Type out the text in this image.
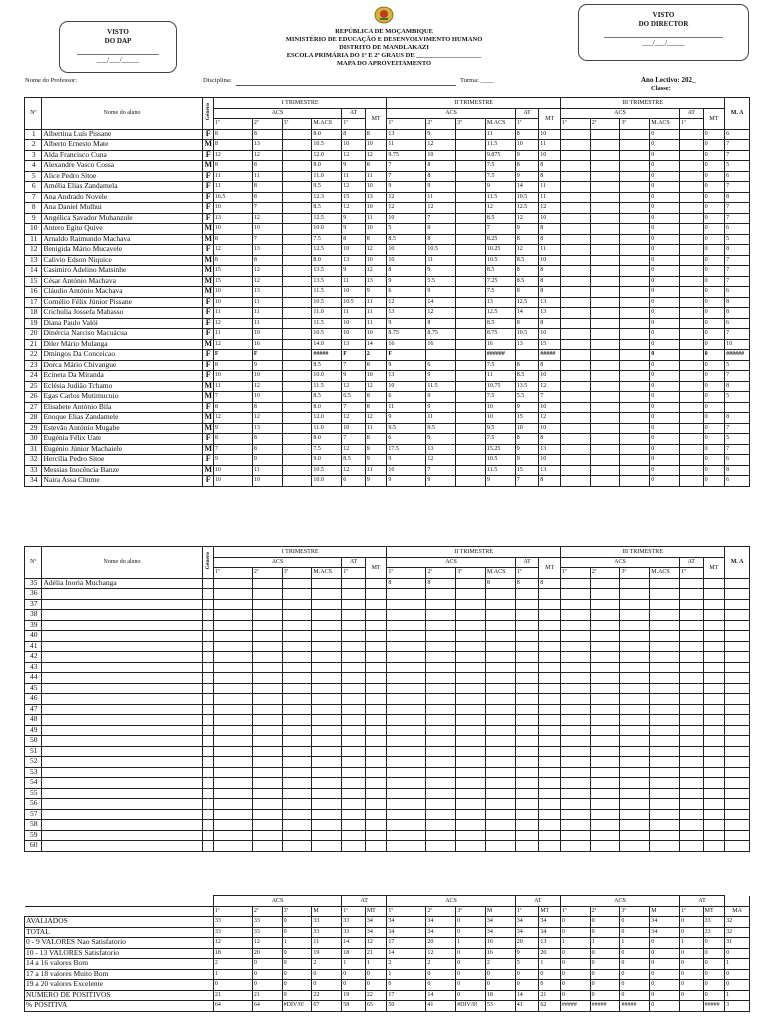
VISTO
DO DAP
___/___/_____
VISTO
DO DIRECTOR
___/___/_____
REPÚBLICA DE MOÇAMBIQUE
MINISTÉRIO DE EDUCAÇÃO E DESENVOLVIMENTO HUMANO
DISTRITO DE MANDLAKAZI
ESCOLA PRIMÁRIA DO 1º E 2º GRAUS DE ____________________
MAPA DO APROVEITAMENTO
Nome do Professor:	Disciplina:	Turma: ____	Ano Lectivo: 202_
Classe:
Nº	Nome do aluno	Género	I TRIMESTRE						II TRIMESTRE						III TRIMESTRE						M. A
			ACS				AT	MT	ACS				AT	MT	ACS				AT	MT	
			1ª	2ª	3ª	M.ACS	1ª		1ª	2ª	3ª	M.ACS	1ª		1ª	2ª	3ª	M.ACS	1ª		
1	Albertina Luís Pissane	F	8	8		8.0	8	8	13	9		11	8	10				0		0	6
2	Alberto Ernesto Mate	M	8	13		10.5	10	10	11	12		11.5	10	11				0		0	7
3	Alda Francisco Cuna	F	12	12		12.0	12	12	9.75	10		9.875	9	10				0		0	7
4	Alexandre Vasco Cossa	M	8	8		8.0	9	8	7	8		7.5	8	8				0		0	5
5	Alice Pedro Sitoe	F	11	11		11.0	11	11	7	8		7.5	9	8				0		0	6
6	Amélia Elias Zandamela	F	11	8		9.5	12	10	9	9		9	14	11				0		0	7
7	Ana Andrado Novele	F	16.5	8		12.3	15	13	12	11		11.5	10.5	11				0		0	8
8	Ana Daniel Mulhui	F	10	7		8.5	12	10	12	12		12	12.5	12				0		0	7
9	Angélica Savador Muhanzule	F	13	12		12.5	9	11	10	7		8.5	12	10				0		0	7
10	Antero Egito Quive	M	10	10		10.0	9	10	5	9		7	9	8				0		0	6
11	Arnaldo Raimundo Machava	M	8	7		7.5	8	8	8.5	8		8.25	8	8				0		0	5
12	Benigida Mário Mucavele	F	12	13		12.5	10	12	10	10.5		10.25	12	11				0		0	8
13	Calivio Edson Niquice	M	8	8		8.0	13	10	10	11		10.5	8.5	10				0		0	7
14	Casimiro Adelino Matsinhe	M	15	12		13.5	9	12	8	9		8.5	8	8				0		0	7
15	César António Machava	M	15	12		13.5	11	13	9	5.5		7.25	8.5	8				0		0	7
16	Cláudio António Machava	M	10	13		11.5	10	9	6	9		7.5	8	8				0		0	6
17	Cornélio Félix Júnior Pissane	F	10	11		10.5	10.5	11	12	14		13	12.5	13				0		0	8
18	Crichulia Jossefa Mabasso	F	11	11		11.0	11	11	13	12		12.5	14	13				0		0	8
19	Diana Paulo Valói	F	12	11		11.5	10	11	9	8		8.5	8	8				0		0	6
20	Dinércia Narciso Macuácua	F	11	10		10.5	10	10	8.75	8.75		8.75	10.5	10				0		0	7
21	Diler Mário Mulanga	M	12	16		14.0	13	14	16	16		16	13	15				0		0	10
22	Dmingos Da Conceicao	F	F	F		#####	F	2	F			######		#####				0		0	######
23	Dorca Mário Chivangue	F	8	9		8.5	7	8	9	6		7.5	8	8				0		0	5
24	Ecineta Da Miranda	F	10	10		10.0	9	10	13	9		11	8.5	10				0		0	7
25	Eclésia Judião Tchamo	M	11	12		11.5	12	12	10	11.5		10.75	13.5	12				0		0	8
26	Egas Carlos Mutimucuio	M	7	10		8.5	6.5	8	6	9		7.5	5.5	7				0		0	5
27	Elisabete António Bila	F	8	8		8.0	7	8	11	9		10	9	10				0		0	
28	Enoque Elias Zandamele	M	12	12		12.0	12	12	9	11		10	15	12				0		0	8
29	Estevão António Mugabe	M	9	13		11.0	10	11	9.5	9.5		9.5	10	10				0		0	7
30	Eugénia Félix Uate	F	8	8		8.0	7	8	6	9		7.5	8	8				0		0	5
31	Eugénio Júnior Machaiele	M	7	8		7.5	12	9	17.5	13		15.25	9	13				0		0	7
32	Hercília Pedro Sitoe	F	9	9		9.0	8.5	9	9	12		10.5	9	10				0		0	6
33	Messias Inocência Banze	M	10	11		10.5	12	11	16	7		11.5	15	13				0		0	8
34	Naira Assa Chume	F	10	10		10.0	6	9	9	9		9	7	8				0		0	6
Nº	Nome do aluno	Género	I TRIMESTRE						II TRIMESTRE						III TRIMESTRE						M. A
			ACS				AT	MT	ACS				AT	MT	ACS				AT	MT	
			1ª	2ª	3ª	M.ACS	1ª		1ª	2ª	3ª	M.ACS	1ª		1ª	2ª	3ª	M.ACS	1ª		
35	Adélia Inoria Muchanga								8	8		8	8	8							
36																					
37																					
38																					
39																					
40																					
41																					
42																					
43																					
44																					
45																					
46																					
47																					
48																					
49																					
50																					
51																					
52																					
53																					
54																					
55																					
56																					
57																					
58																					
59																					
60																					
	ACS				AT		ACS				AT		ACS				AT		
	1ª	2ª	3ª	M	1ª	MT	1ª	2ª	3ª	M	1ª	MT	1ª	2ª	3ª	M	1ª	MT	MA
AVALIADOS	33	33	0	33	33	34	34	34	0	34	34	34	0	0	0	34	0	33	32
TOTAL	33	33	0	33	33	34	34	34	0	34	34	34	0	0	0	34	0	33	32
0 - 9 VALORES Nao Satisfatorio	12	12	1	11	14	12	17	20	1	16	20	13	1	1	1	0	1	0	31
10 - 13 VALORES Satisfatorio	18	20	0	19	18	21	14	12	0	16	9	20	0	0	0	0	0	0	0
14 a 16 valores Bom	2	0	0	2	1	1	2	2	0	2	5	1	0	0	0	0	0	0	1
17 a 18 valores Muito Bom	1	0	0	0	0	0	1	0	0	0	0	0	0	0	0	0	0	0	0
19 a 20 valores Excelente	0	0	0	0	0	0	0	0	0	0	0	0	0	0	0	0	0	0	0
NUMERO DE POSITIVOS	21	21	0	22	19	22	17	14	0	18	14	21	0	0	0	0	0	0	1
% POSITIVA	64	64	#DIV/0!	67	58	65	50	41	#DIV/0!	53	41	62	#####	#####	#####	0		#####	3
